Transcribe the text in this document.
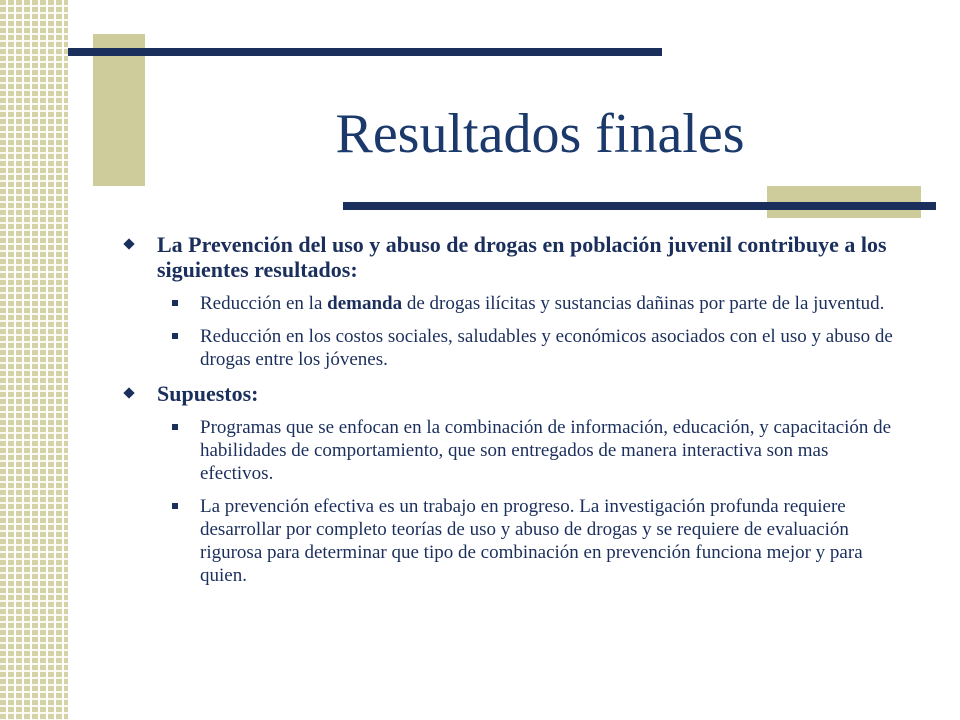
Resultados finales
La Prevención del uso y abuso de drogas en población juvenil contribuye a los siguientes resultados:
Reducción en la demanda de drogas ilícitas y sustancias dañinas por parte de la juventud.
Reducción en los costos sociales, saludables y económicos asociados con el uso y abuso de drogas entre los jóvenes.
Supuestos:
Programas que se enfocan en la combinación de información, educación, y capacitación de habilidades de comportamiento, que son entregados de manera interactiva son mas efectivos.
La prevención efectiva es un trabajo en progreso. La investigación profunda requiere desarrollar por completo teorías de uso y abuso de drogas y se requiere de evaluación rigurosa para determinar que tipo de combinación en prevención funciona mejor y para quien.
